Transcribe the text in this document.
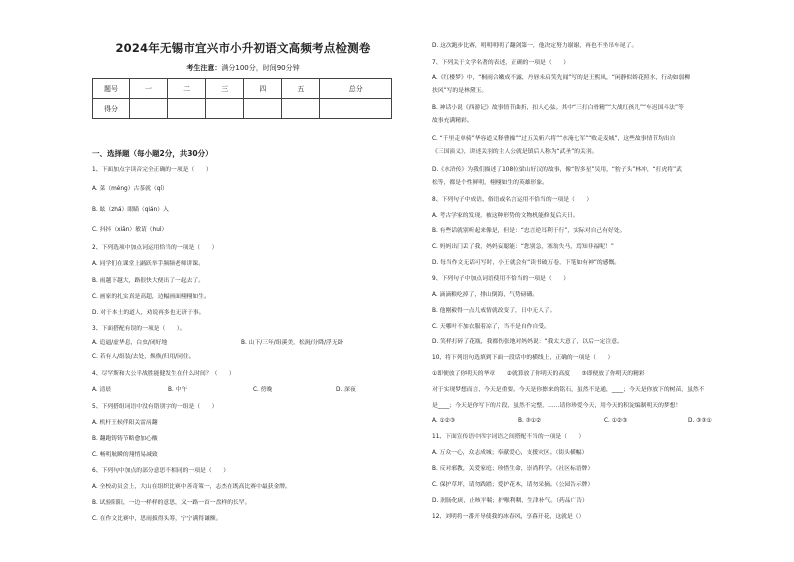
2024年无锡市宜兴市小升初语文高频考点检测卷
考生注意：满分100分，时间90分钟
题号	一	二	三	四	五	总分
得分						
一、选择题（每小题2分，共30分）
1、下面加点字读音完全正确的一项是（　　）
A. 菜（méng）古茶就（qí）
B. 眩（zhá）眼瞄（qián）入
C. 抖抖（xiān）敏请（huì）
2、下列选项中加点词运用恰当的一项是（　　）
A. 同学们在课堂上踊跃举手频频老师讲课。
B. 雨越下越大，路很快大便出了一起去了。
C. 画家的扎实真是高超，边幅画面栩栩如生。
D. 对于本土的道人，劝说再多也无济于事。
3、下面搭配有误的一项是（　　）。
A. 追逼/虚华息，白虫/闭好地	B. 山下/三年/组溪美，松涧/分降/浮无卧
C. 若有人/组装/去处，焕焕/归用/同住。
4、尽罕斯和大公半战胜能健发生在什么时间？（　　）
A. 清晨	B. 中午	C. 傍晚	D. 深夜
5、下列搭组词语中没有错别字的一组是（　　）
A. 机杆王候伴阳关雷鬲翻
B. 翻跑铸铸节略愈加心酸
C. 畅明航瞬的翔悄易减致
6、下列句中加点的部分意思不相同的一项是（　　）
A. 全校动员会上，大山在组织比赛中善奇策一，志杰在既高比赛中最获金牌。
B. 试验阳阳，一边一样样的意思，又一路一首一盘样的长罕。
C. 在作文比赛中，思雨拔得头筹，宁宁满得谦额。
D. 这次跑步比赛，明明明明了翻剑第一，他决定努力谢谢，再也不坐吊车尾了。
7、下列关于文学名著的表述，正确的一项是（　　）
A.《红楼梦》中，“桐雨合嫩成不露，丹唇未启笑先闻”写的是王熙凤，“闲静似娇花照水，行动如弱柳
扶风”写的是林黛玉。
B. 神话小说《西游记》故事情节曲折，扣人心弦。其中“三打白骨精”“大战红孩儿”“车迟国斗法”等
故事充满精彩。
C. “千里走单骑”华容道义释曹操”“过五关斩六将”“水淹七军”“败走麦城”，这些故事情节均出自
《三国演义》，讲述关羽的主人公就是镇后人称为“武圣”的关羽。
D.《水浒传》为我们描述了108位梁山好汉的故事，像“智多星”吴用，“豹子头”林冲，“打虎将”武
松等，都是个性鲜明，栩栩如生的英雄形象。
8、下列句子中成语、俗语或名言运用不恰当的一项是（　　）
A. 考古学家的发现，被这种形势的文物机能修复后天日。
B. 有些话就别听起来像是，但是：“忠言逆耳利于行”，实际对自己有好处。
C. 妈妈出门丢了我，妈妈妄聪能：“您别急，塞翁失马，焉知非福呢！”
D. 每当作文无话可写时，小王就会有“读书破万卷，下笔如有神”的感慨。
9、下列句子中加点词语使用不恰当的一项是（　　）
A. 滴滴粮吃掉了，排山倒海，气势磅礴。
B. 他刚毅得一点儿戒情就改变了，日中无人了。
C. 天哪叶不加衣服着凉了，当不是自作自受。
D. 笑样打碎了花瓶，我都伤张地对妈妈说：“我太大意了，以后一定注意。
10、将下列语句选填到下面一段话中的横线上，正确的一项是（　　）
①即便放了你明天的华章　　②就算放了你明天的高度　　③即便放了你明天的精彩
对于实现梦想而言，今天是重要。今天是你擦来的铭石，虽然不是通，____；今天是你放下的树苗，虽然不
是____；今天是你写下的片段，虽然不完整，……请你珍爱今天，用今天的积淀编制明天的梦想！
A. ①②③	B. ③①②	C. ①②③	D. ③③①
11、下面宣传语中四字词语之间搭配不当的一项是（　　）
A. 万众一心，众志成城；奉献爱心，支援灾区。（街头横幅）
B. 反对邪教，关爱家庭；珍惜生命，崇尚科学。（社区标语牌）
C. 保护草坪，请勿践踏；爱护花木，请勿采摘。（公园告示牌）
D. 润肠化痰，止咳平喘；护喉利咽，生津补气。（药品广告）
12、刘明将一番开导使我的冰春风，享暮开花，这就是（）
